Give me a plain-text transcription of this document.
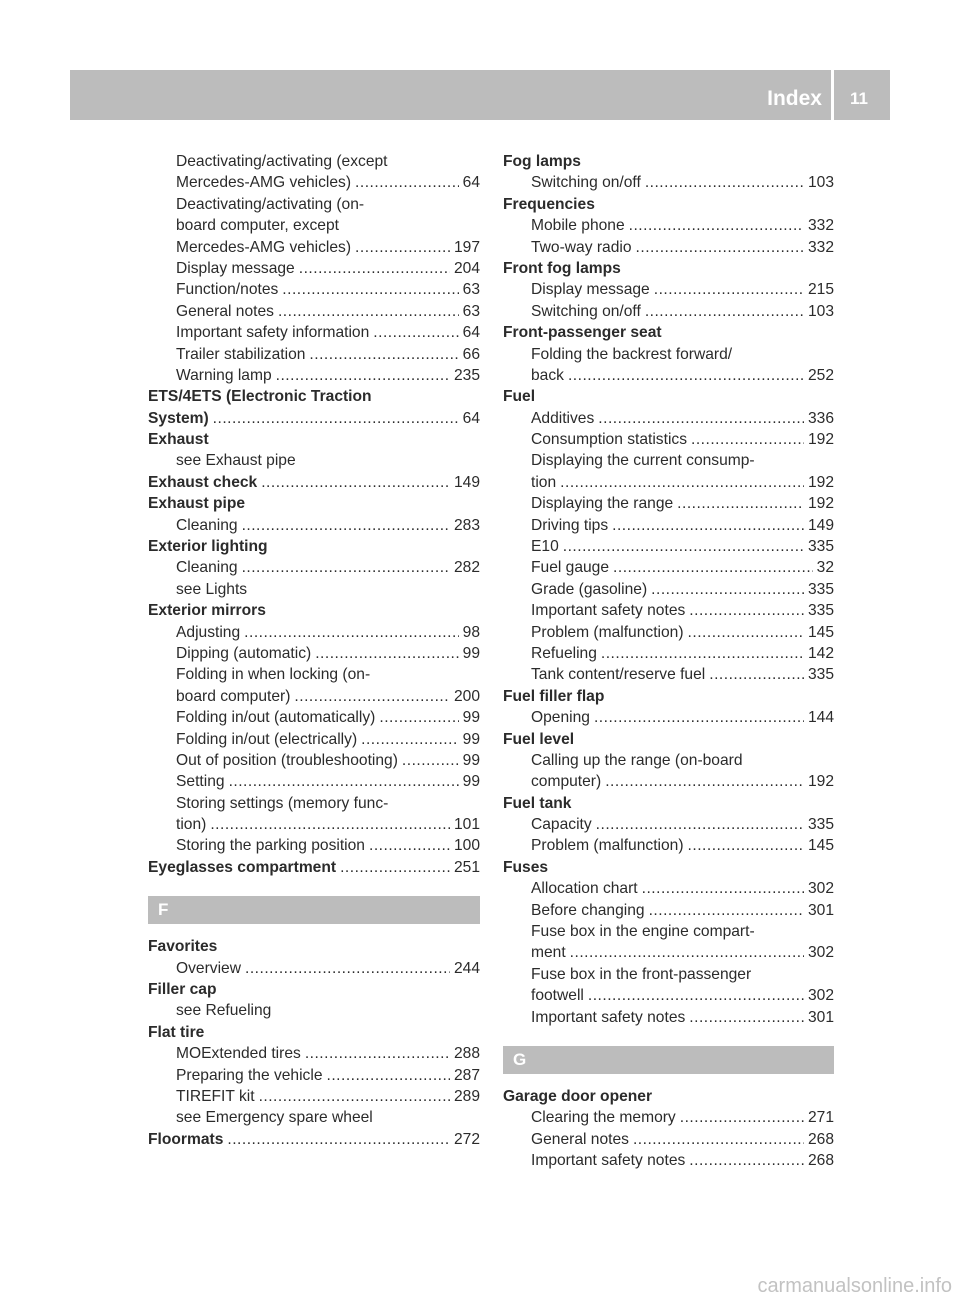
Index	11
Deactivating/activating (except
Mercedes-AMG vehicles) .....	64
Deactivating/activating (on-
board computer, except
Mercedes-AMG vehicles) .....	197
Display message .....	204
Function/notes .....	63
General notes .....	63
Important safety information .....	64
Trailer stabilization .....	66
Warning lamp .....	235
ETS/4ETS (Electronic Traction
System) .....	64
Exhaust
see Exhaust pipe
Exhaust check .....	149
Exhaust pipe
Cleaning .....	283
Exterior lighting
Cleaning .....	282
see Lights
Exterior mirrors
Adjusting .....	98
Dipping (automatic) .....	99
Folding in when locking (on-
board computer) .....	200
Folding in/out (automatically) .....	99
Folding in/out (electrically) .....	99
Out of position (troubleshooting) .....	99
Setting .....	99
Storing settings (memory func-
tion) .....	101
Storing the parking position .....	100
Eyeglasses compartment .....	251
F
Favorites
Overview .....	244
Filler cap
see Refueling
Flat tire
MOExtended tires .....	288
Preparing the vehicle .....	287
TIREFIT kit .....	289
see Emergency spare wheel
Floormats .....	272
Fog lamps
Switching on/off .....	103
Frequencies
Mobile phone .....	332
Two-way radio .....	332
Front fog lamps
Display message .....	215
Switching on/off .....	103
Front-passenger seat
Folding the backrest forward/
back .....	252
Fuel
Additives .....	336
Consumption statistics .....	192
Displaying the current consump-
tion .....	192
Displaying the range .....	192
Driving tips .....	149
E10 .....	335
Fuel gauge .....	32
Grade (gasoline) .....	335
Important safety notes .....	335
Problem (malfunction) .....	145
Refueling .....	142
Tank content/reserve fuel .....	335
Fuel filler flap
Opening .....	144
Fuel level
Calling up the range (on-board
computer) .....	192
Fuel tank
Capacity .....	335
Problem (malfunction) .....	145
Fuses
Allocation chart .....	302
Before changing .....	301
Fuse box in the engine compart-
ment .....	302
Fuse box in the front-passenger
footwell .....	302
Important safety notes .....	301
G
Garage door opener
Clearing the memory .....	271
General notes .....	268
Important safety notes .....	268
carmanualsonline.info
